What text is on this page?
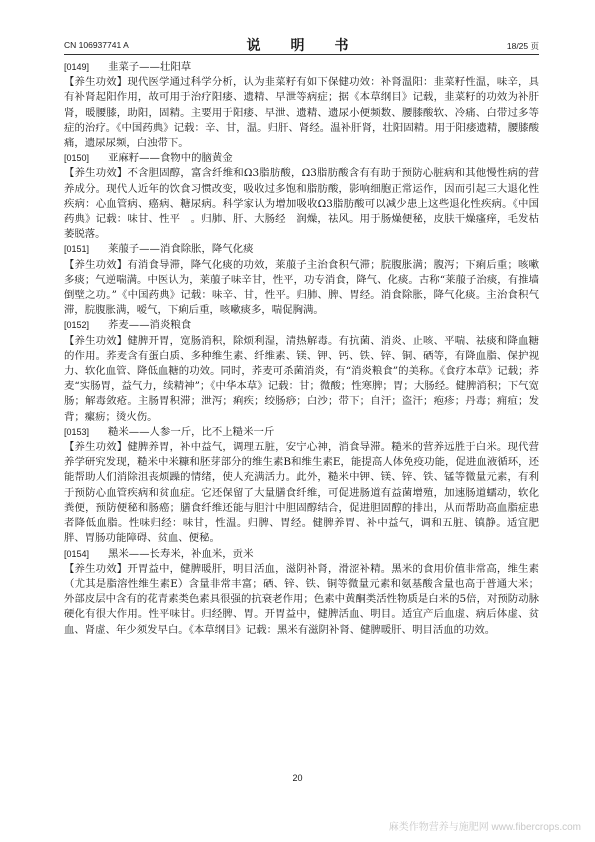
CN 106937741 A	说　明　书	18/25 页
[0149] 韭菜子——壮阳草
【养生功效】现代医学通过科学分析，认为韭菜籽有如下保健功效：补肾温阳：韭菜籽性温，味辛，具有补肾起阳作用，故可用于治疗阳痿、遗精、早泄等病症；据《本草纲目》记载，韭菜籽的功效为补肝肾，暖腰膝，助阳，固精。主要用于阳痿、早泄、遗精、遗尿小便频数、腰膝酸软、冷痛、白带过多等症的治疗。《中国药典》记载：辛、甘，温。归肝、肾经。温补肝肾，壮阳固精。用于阳痿遗精，腰膝酸痛，遗尿尿频，白浊带下。
[0150] 亚麻籽——食物中的脑黄金
【养生功效】不含胆固醇，富含纤维和Ω3脂肪酸，Ω3脂肪酸含有有助于预防心脏病和其他慢性病的营养成分。现代人近年的饮食习惯改变，吸收过多饱和脂肪酸，影响细胞正常运作，因而引起三大退化性疾病：心血管病、癌病、糖尿病。科学家认为增加吸收Ω3脂肪酸可以减少患上这些退化性疾病。《中国药典》记载：味甘、性平　。归肺、肝、大肠经　润燥，祛风。用于肠燥便秘，皮肤干燥瘙痒，毛发枯萎脱落。
[0151] 莱菔子——消食除胀，降气化痰
【养生功效】有消食导滞，降气化痰的功效，莱菔子主治食积气滞；脘腹胀满；腹泻；下痢后重；咳嗽多痰；气逆喘满。中医认为，莱菔子味辛甘，性平，功专消食，降气、化痰。古称“莱菔子治痰，有推墙倒壁之功。”《中国药典》记载：味辛、甘，性平。归肺、脾、胃经。消食除胀，降气化痰。主治食积气滞，脘腹胀满，嗳气，下痢后重，咳嗽痰多，喘促胸满。
[0152] 荞麦——消炎粮食
【养生功效】健脾开胃，宽肠消积，除烦利湿，清热解毒。有抗菌、消炎、止咳、平喘、祛痰和降血糖的作用。荞麦含有蛋白质、多种维生素、纤维素、镁、钾、钙、铁、锌、铜、硒等，有降血脂、保护视力、软化血管、降低血糖的功效。同时，荞麦可杀菌消炎，有“消炎粮食”的美称。《食疗本草》记载；荞麦“实肠胃，益气力，续精神”；《中华本草》记载：甘；微酸；性寒脾；胃；大肠经。健脾消积；下气宽肠；解毒敛疮。主肠胃积滞；泄泻；痢疾；绞肠痧；白沙；带下；自汗；盗汗；疱疹；丹毒；痈疽；发背；瘰疬；烫火伤。
[0153] 糙米——人参一斤，比不上糙米一斤
【养生功效】健脾养胃，补中益气，调理五脏，安宁心神，消食导滞。糙米的营养远胜于白米。现代营养学研究发现，糙米中米糠和胚芽部分的维生素B和维生素E，能提高人体免疫功能，促进血液循环，还能帮助人们消除沮丧烦躁的情绪，使人充满活力。此外，糙米中钾、镁、锌、铁、锰等微量元素，有利于预防心血管疾病和贫血症。它还保留了大量膳食纤维，可促进肠道有益菌增殖，加速肠道蠕动，软化粪便，预防便秘和肠癌；膳食纤维还能与胆汁中胆固醇结合，促进胆固醇的排出，从而帮助高血脂症患者降低血脂。性味归经：味甘，性温。归脾、胃经。健脾养胃、补中益气，调和五脏、镇静。适宜肥胖、胃肠功能障碍、贫血、便秘。
[0154] 黑米——长寿米，补血米，贡米
【养生功效】开胃益中，健脾暖肝，明目活血，滋阴补肾，滑涩补精。黑米的食用价值非常高，维生素（尤其是脂溶性维生素E）含量非常丰富；硒、锌、铁、铜等微量元素和氨基酸含量也高于普通大米；外部皮层中含有的花青素类色素具很强的抗衰老作用；色素中黄酮类活性物质是白米的5倍，对预防动脉硬化有很大作用。性平味甘。归经脾、胃。开胃益中，健脾活血、明目。适宜产后血虚、病后体虚、贫血、肾虚、年少须发早白。《本草纲目》记载：黑米有滋阴补肾、健脾暖肝、明目活血的功效。
20
麻类作物营养与施肥网 www.fibercrops.com
